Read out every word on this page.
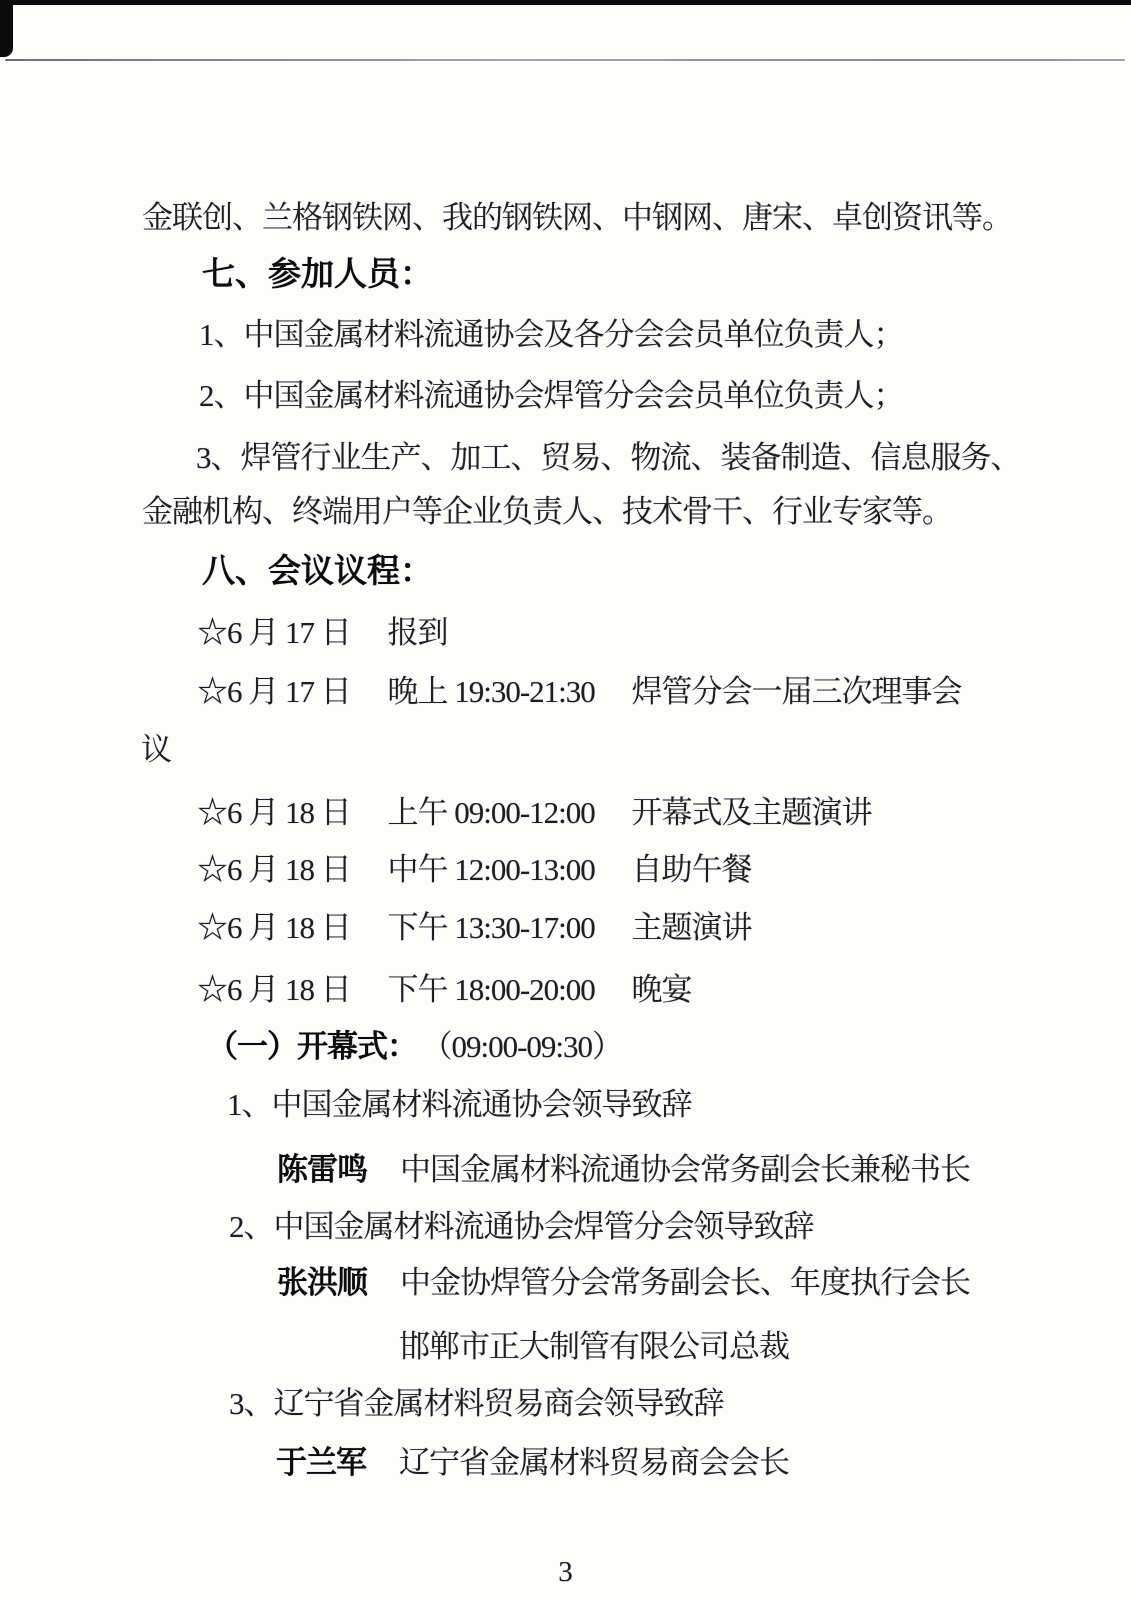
金联创、兰格钢铁网、我的钢铁网、中钢网、唐宋、卓创资讯等。
七、参加人员：
1、中国金属材料流通协会及各分会会员单位负责人；
2、中国金属材料流通协会焊管分会会员单位负责人；
3、焊管行业生产、加工、贸易、物流、装备制造、信息服务、
金融机构、终端用户等企业负责人、技术骨干、行业专家等。
八、会议议程：
☆6 月 17 日　 报到
☆6 月 17 日　 晚上 19:30-21:30　 焊管分会一届三次理事会
议
☆6 月 18 日　 上午 09:00-12:00　 开幕式及主题演讲
☆6 月 18 日　 中午 12:00-13:00　 自助午餐
☆6 月 18 日　 下午 13:30-17:00　 主题演讲
☆6 月 18 日　 下午 18:00-20:00　 晚宴
（一）开幕式： （09:00-09:30）
1、中国金属材料流通协会领导致辞
陈雷鸣 中国金属材料流通协会常务副会长兼秘书长
2、中国金属材料流通协会焊管分会领导致辞
张洪顺 中金协焊管分会常务副会长、年度执行会长
邯郸市正大制管有限公司总裁
3、辽宁省金属材料贸易商会领导致辞
于兰军 辽宁省金属材料贸易商会会长
3
